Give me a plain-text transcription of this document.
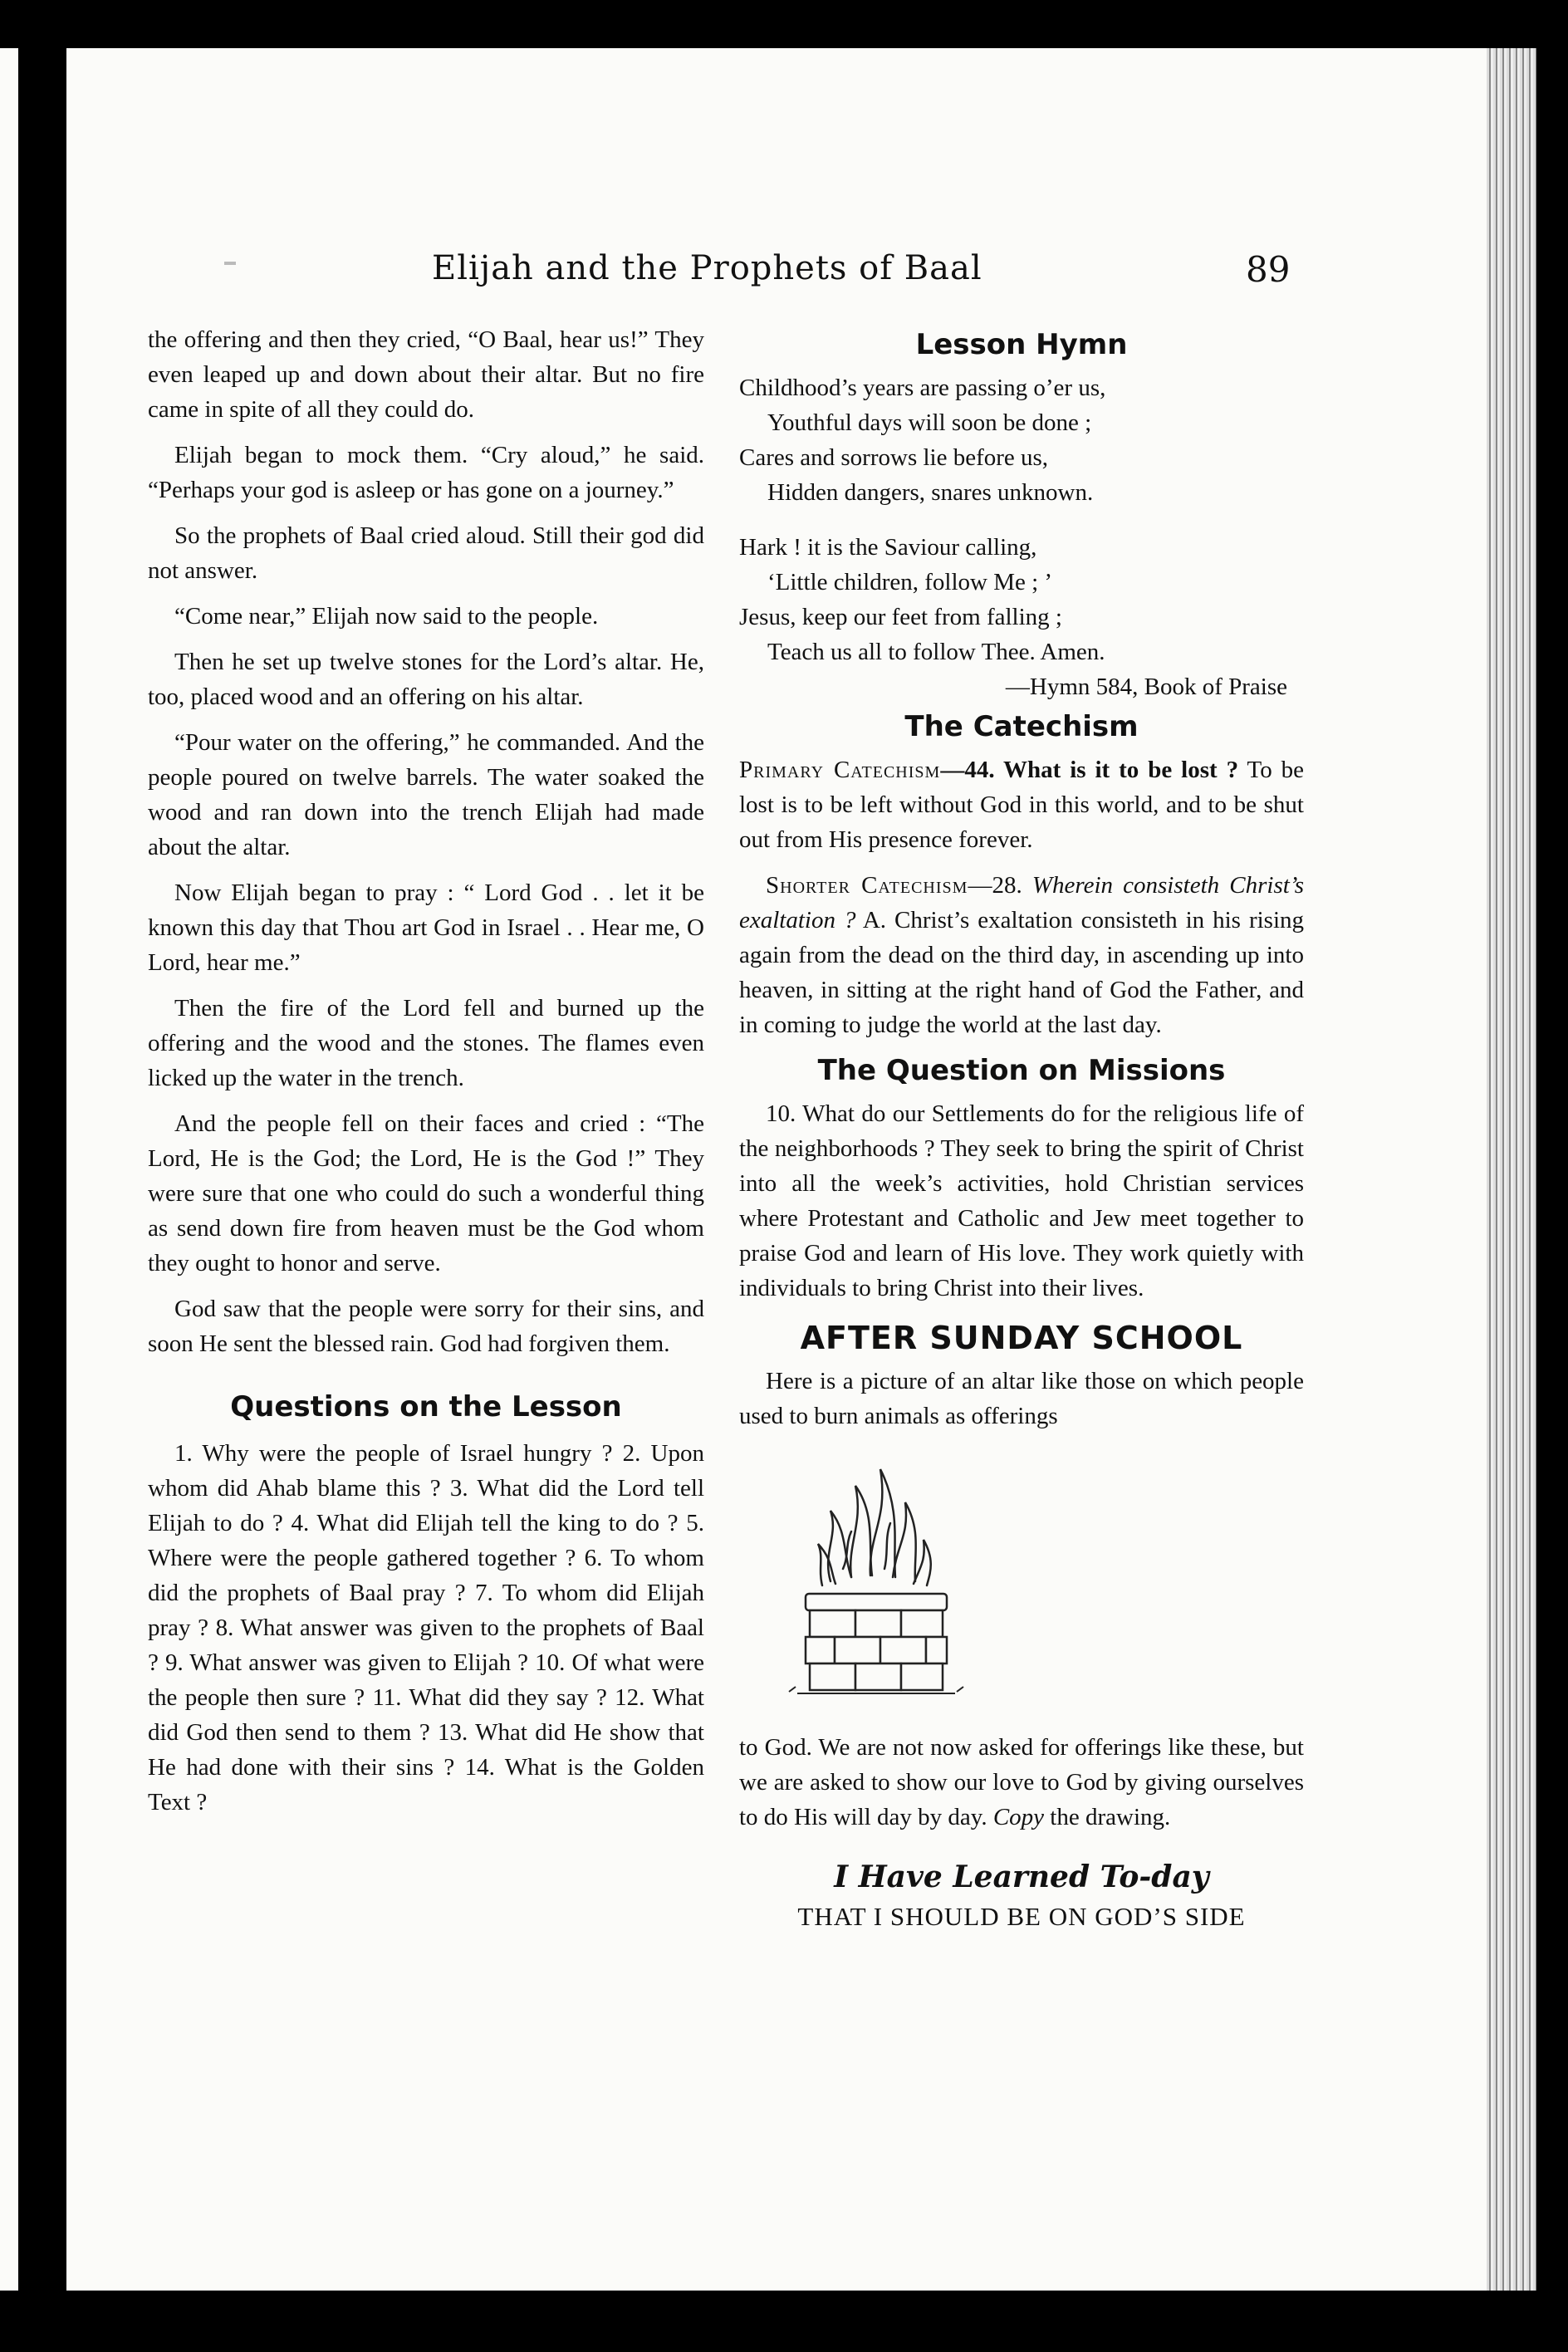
Elijah and the Prophets of Baal	89

the offering and then they cried, “O Baal, hear us!” They even leaped up and down about their altar. But no fire came in spite of all they could do.

Elijah began to mock them. “Cry aloud,” he said. “Perhaps your god is asleep or has gone on a journey.”

So the prophets of Baal cried aloud. Still their god did not answer.

“Come near,” Elijah now said to the people.

Then he set up twelve stones for the Lord’s altar. He, too, placed wood and an offering on his altar.

“Pour water on the offering,” he commanded. And the people poured on twelve barrels. The water soaked the wood and ran down into the trench Elijah had made about the altar.

Now Elijah began to pray : “ Lord God . . let it be known this day that Thou art God in Israel . . Hear me, O Lord, hear me.”

Then the fire of the Lord fell and burned up the offering and the wood and the stones. The flames even licked up the water in the trench.

And the people fell on their faces and cried : “The Lord, He is the God; the Lord, He is the God !” They were sure that one who could do such a wonderful thing as send down fire from heaven must be the God whom they ought to honor and serve.

God saw that the people were sorry for their sins, and soon He sent the blessed rain. God had forgiven them.

Questions on the Lesson

1. Why were the people of Israel hungry ? 2. Upon whom did Ahab blame this ? 3. What did the Lord tell Elijah to do ? 4. What did Elijah tell the king to do ? 5. Where were the people gathered together ? 6. To whom did the prophets of Baal pray ? 7. To whom did Elijah pray ? 8. What answer was given to the prophets of Baal ? 9. What answer was given to Elijah ? 10. Of what were the people then sure ? 11. What did they say ? 12. What did God then send to them ? 13. What did He show that He had done with their sins ? 14. What is the Golden Text ?

Lesson Hymn
Childhood’s years are passing o’er us,
Youthful days will soon be done ;
Cares and sorrows lie before us,
Hidden dangers, snares unknown.
Hark ! it is the Saviour calling,
‘Little children, follow Me ; ’
Jesus, keep our feet from falling ;
Teach us all to follow Thee. Amen.
—Hymn 584, Book of Praise
The Catechism

Primary Catechism—44. What is it to be lost ? To be lost is to be left without God in this world, and to be shut out from His presence forever.

Shorter Catechism—28. Wherein consisteth Christ’s exaltation ? A. Christ’s exaltation consisteth in his rising again from the dead on the third day, in ascending up into heaven, in sitting at the right hand of God the Father, and in coming to judge the world at the last day.

The Question on Missions

10. What do our Settlements do for the religious life of the neighborhoods ? They seek to bring the spirit of Christ into all the week’s activities, hold Christian services where Protestant and Catholic and Jew meet together to praise God and learn of His love. They work quietly with individuals to bring Christ into their lives.

AFTER SUNDAY SCHOOL

Here is a picture of an altar like those on which people used to burn animals as offerings

to God. We are not now asked for offerings like these, but we are asked to show our love to God by giving ourselves to do His will day by day. Copy the drawing.

I Have Learned To-day
THAT I SHOULD BE ON GOD’S SIDE
